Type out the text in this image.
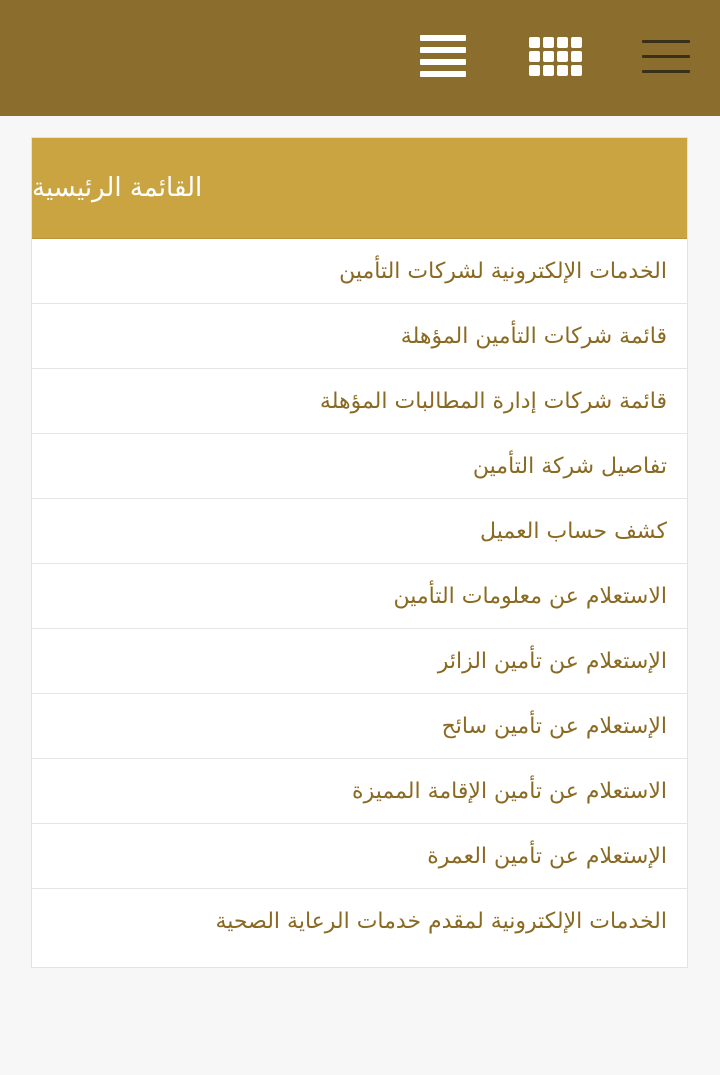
القائمة الرئيسية
الخدمات الإلكترونية لشركات التأمين
قائمة شركات التأمين المؤهلة
قائمة شركات إدارة المطالبات المؤهلة
تفاصيل شركة التأمين
كشف حساب العميل
الاستعلام عن معلومات التأمين
الإستعلام عن تأمين الزائر
الإستعلام عن تأمين سائح
الاستعلام عن تأمين الإقامة المميزة
الإستعلام عن تأمين العمرة
الخدمات الإلكترونية لمقدم خدمات الرعاية الصحية
